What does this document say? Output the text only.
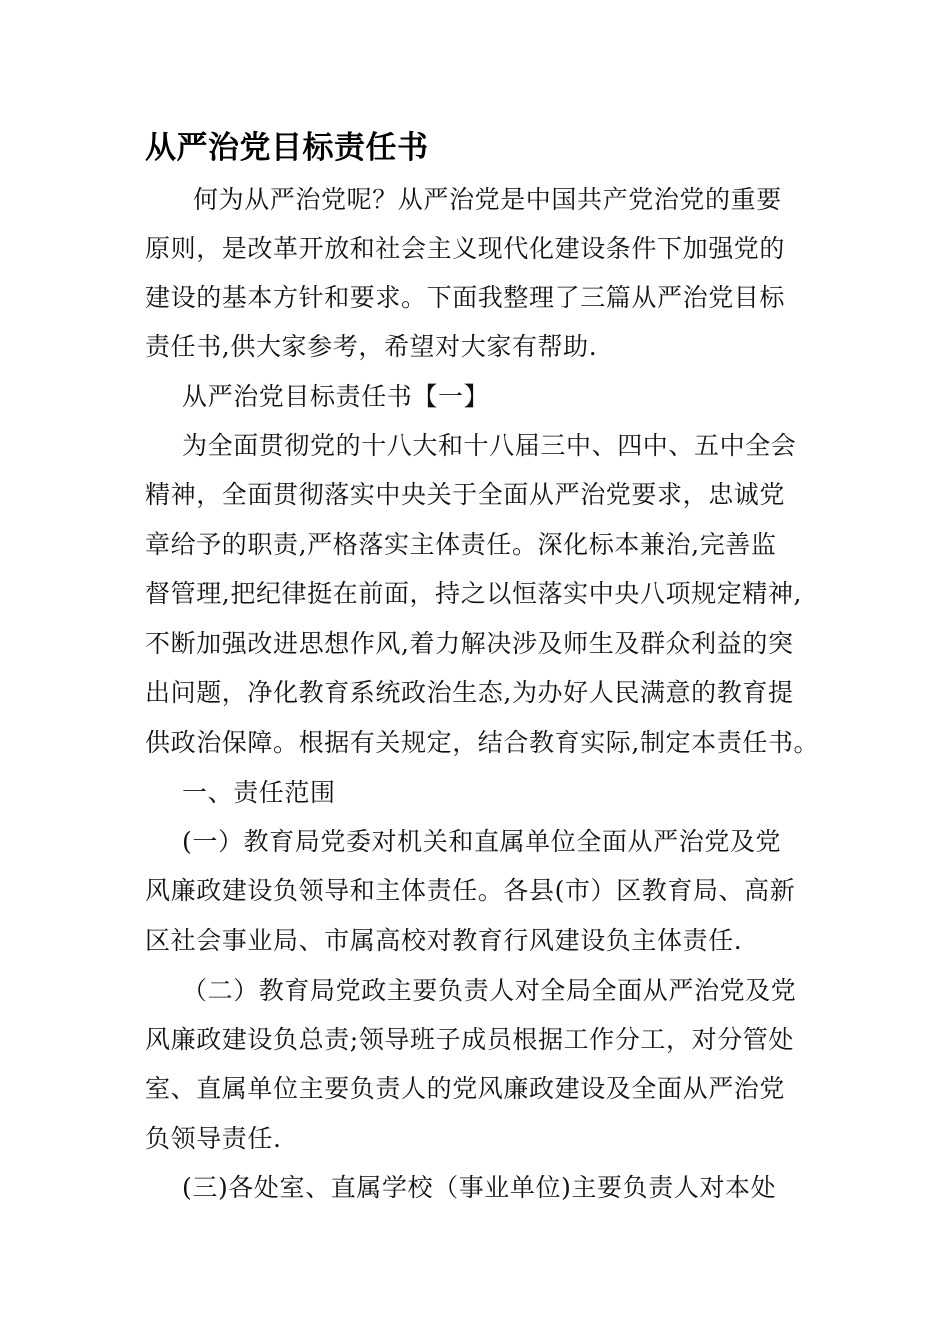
从严治党目标责任书
何为从严治党呢？从严治党是中国共产党治党的重要
原则，是改革开放和社会主义现代化建设条件下加强党的
建设的基本方针和要求。下面我整理了三篇从严治党目标
责任书,供大家参考，希望对大家有帮助.
从严治党目标责任书【一】
为全面贯彻党的十八大和十八届三中、四中、五中全会
精神，全面贯彻落实中央关于全面从严治党要求，忠诚党
章给予的职责,严格落实主体责任。深化标本兼治,完善监
督管理,把纪律挺在前面，持之以恒落实中央八项规定精神,
不断加强改进思想作风,着力解决涉及师生及群众利益的突
出问题，净化教育系统政治生态,为办好人民满意的教育提
供政治保障。根据有关规定，结合教育实际,制定本责任书。
一、责任范围
(一）教育局党委对机关和直属单位全面从严治党及党
风廉政建设负领导和主体责任。各县(市）区教育局、高新
区社会事业局、市属高校对教育行风建设负主体责任.
（二）教育局党政主要负责人对全局全面从严治党及党
风廉政建设负总责;领导班子成员根据工作分工，对分管处
室、直属单位主要负责人的党风廉政建设及全面从严治党
负领导责任.
(三)各处室、直属学校（事业单位)主要负责人对本处
